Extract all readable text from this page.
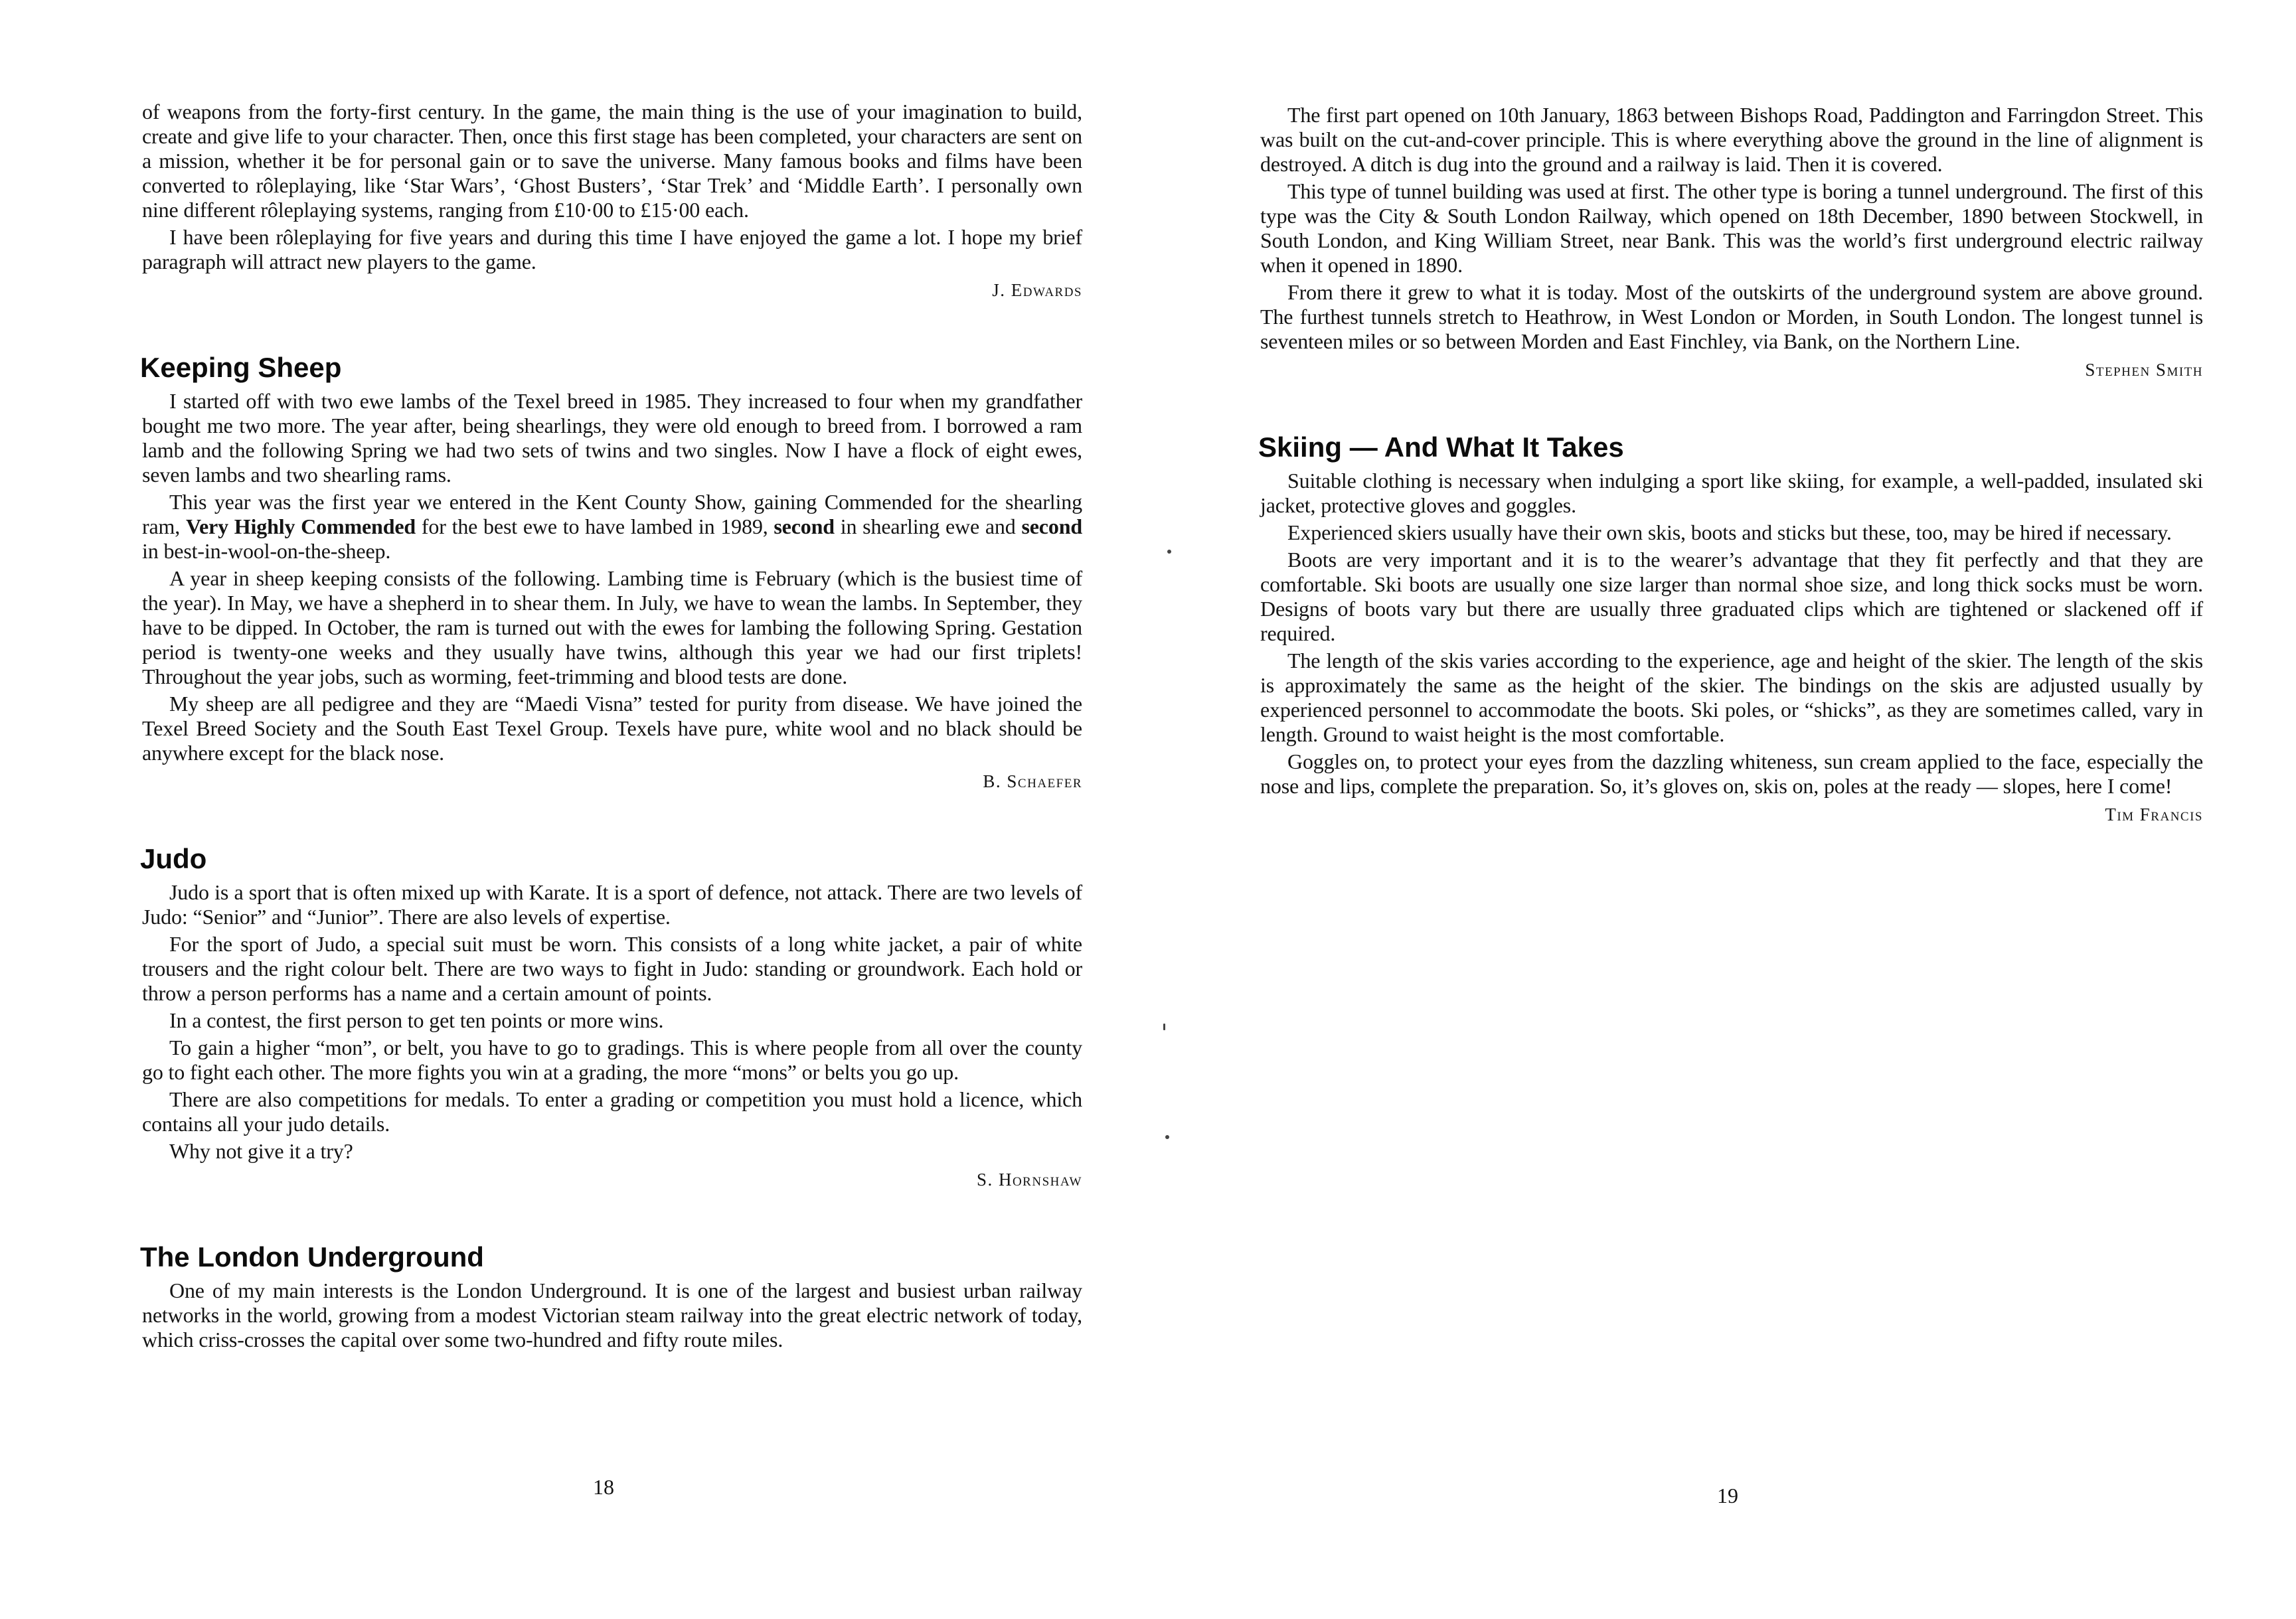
of weapons from the forty-first century. In the game, the main thing is the use of your imagination to build, create and give life to your character. Then, once this first stage has been completed, your characters are sent on a mission, whether it be for personal gain or to save the universe. Many famous books and films have been converted to rôleplaying, like ‘Star Wars’, ‘Ghost Busters’, ‘Star Trek’ and ‘Middle Earth’. I personally own nine different rôleplaying systems, ranging from £10·00 to £15·00 each.

I have been rôleplaying for five years and during this time I have enjoyed the game a lot. I hope my brief paragraph will attract new players to the game.

J. Edwards

Keeping Sheep

I started off with two ewe lambs of the Texel breed in 1985. They increased to four when my grandfather bought me two more. The year after, being shearlings, they were old enough to breed from. I borrowed a ram lamb and the following Spring we had two sets of twins and two singles. Now I have a flock of eight ewes, seven lambs and two shearling rams.

This year was the first year we entered in the Kent County Show, gaining Commended for the shearling ram, Very Highly Commended for the best ewe to have lambed in 1989, second in shearling ewe and second in best-in-wool-on-the-sheep.

A year in sheep keeping consists of the following. Lambing time is February (which is the busiest time of the year). In May, we have a shepherd in to shear them. In July, we have to wean the lambs. In September, they have to be dipped. In October, the ram is turned out with the ewes for lambing the following Spring. Gestation period is twenty-one weeks and they usually have twins, although this year we had our first triplets! Throughout the year jobs, such as worming, feet-trimming and blood tests are done.

My sheep are all pedigree and they are “Maedi Visna” tested for purity from disease. We have joined the Texel Breed Society and the South East Texel Group. Texels have pure, white wool and no black should be anywhere except for the black nose.

B. Schaefer

Judo

Judo is a sport that is often mixed up with Karate. It is a sport of defence, not attack. There are two levels of Judo: “Senior” and “Junior”. There are also levels of expertise.

For the sport of Judo, a special suit must be worn. This consists of a long white jacket, a pair of white trousers and the right colour belt. There are two ways to fight in Judo: standing or groundwork. Each hold or throw a person performs has a name and a certain amount of points.

In a contest, the first person to get ten points or more wins.

To gain a higher “mon”, or belt, you have to go to gradings. This is where people from all over the county go to fight each other. The more fights you win at a grading, the more “mons” or belts you go up.

There are also competitions for medals. To enter a grading or competition you must hold a licence, which contains all your judo details.

Why not give it a try?

S. Hornshaw

The London Underground

One of my main interests is the London Underground. It is one of the largest and busiest urban railway networks in the world, growing from a modest Victorian steam railway into the great electric network of today, which criss-crosses the capital over some two-hundred and fifty route miles.

18

The first part opened on 10th January, 1863 between Bishops Road, Paddington and Farringdon Street. This was built on the cut-and-cover principle. This is where everything above the ground in the line of alignment is destroyed. A ditch is dug into the ground and a railway is laid. Then it is covered.

This type of tunnel building was used at first. The other type is boring a tunnel underground. The first of this type was the City & South London Railway, which opened on 18th December, 1890 between Stockwell, in South London, and King William Street, near Bank. This was the world’s first underground electric railway when it opened in 1890.

From there it grew to what it is today. Most of the outskirts of the underground system are above ground. The furthest tunnels stretch to Heathrow, in West London or Morden, in South London. The longest tunnel is seventeen miles or so between Morden and East Finchley, via Bank, on the Northern Line.

Stephen Smith

Skiing — And What It Takes

Suitable clothing is necessary when indulging a sport like skiing, for example, a well-padded, insulated ski jacket, protective gloves and goggles.

Experienced skiers usually have their own skis, boots and sticks but these, too, may be hired if necessary.

Boots are very important and it is to the wearer’s advantage that they fit perfectly and that they are comfortable. Ski boots are usually one size larger than normal shoe size, and long thick socks must be worn. Designs of boots vary but there are usually three graduated clips which are tightened or slackened off if required.

The length of the skis varies according to the experience, age and height of the skier. The length of the skis is approximately the same as the height of the skier. The bindings on the skis are adjusted usually by experienced personnel to accommodate the boots. Ski poles, or “shicks”, as they are sometimes called, vary in length. Ground to waist height is the most comfortable.

Goggles on, to protect your eyes from the dazzling whiteness, sun cream applied to the face, especially the nose and lips, complete the preparation. So, it’s gloves on, skis on, poles at the ready — slopes, here I come!

Tim Francis

19
